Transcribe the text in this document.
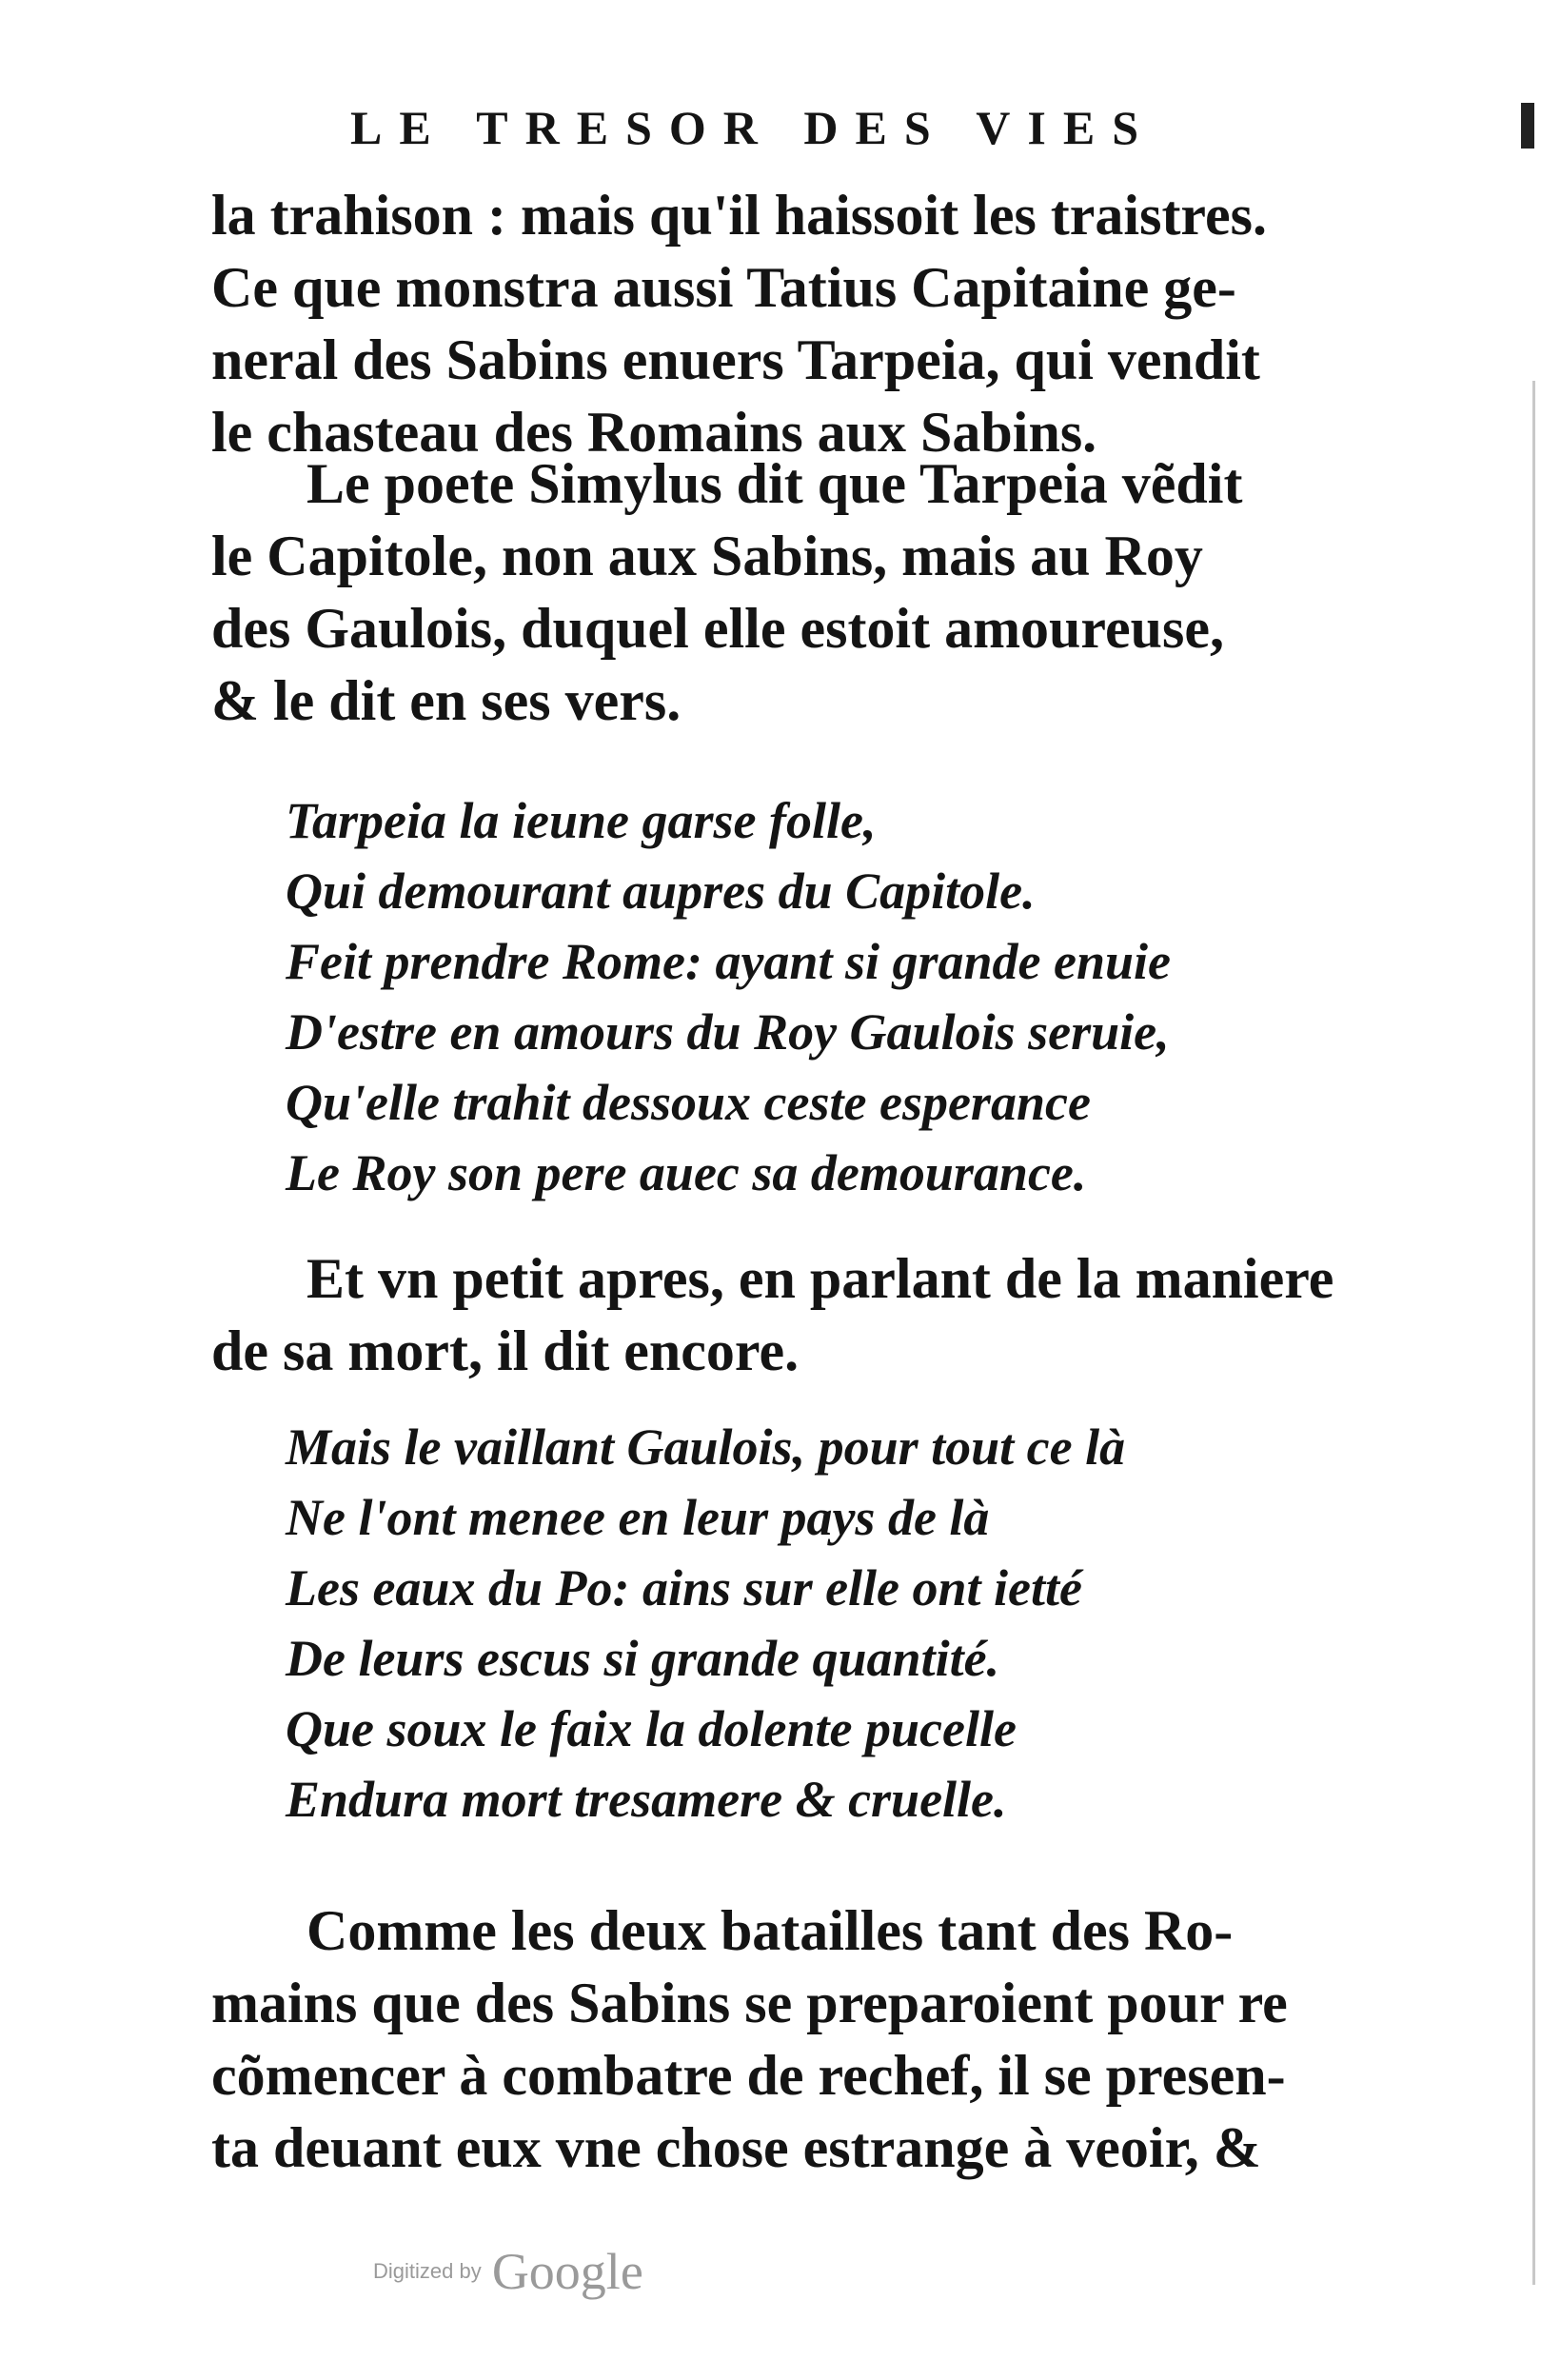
LE TRESOR DES VIES
la trahison : mais qu'il haissoit les traistres.
Ce que monstra aussi Tatius Capitaine ge-
neral des Sabins enuers Tarpeia, qui vendit
le chasteau des Romains aux Sabins.
Le poete Simylus dit que Tarpeia vẽdit
le Capitole, non aux Sabins, mais au Roy
des Gaulois, duquel elle estoit amoureuse,
& le dit en ses vers.
Tarpeia la ieune garse folle,
Qui demourant aupres du Capitole.
Feit prendre Rome: ayant si grande enuie
D'estre en amours du Roy Gaulois seruie,
Qu'elle trahit dessoux ceste esperance
Le Roy son pere auec sa demourance.
Et vn petit apres, en parlant de la maniere
de sa mort, il dit encore.
Mais le vaillant Gaulois, pour tout ce là
Ne l'ont menee en leur pays de là
Les eaux du Po: ains sur elle ont ietté
De leurs escus si grande quantité.
Que soux le faix la dolente pucelle
Endura mort tresamere & cruelle.
Comme les deux batailles tant des Ro-
mains que des Sabins se preparoient pour re
cõmencer à combatre de rechef, il se presen-
ta deuant eux vne chose estrange à veoir, &
Digitized by Google
